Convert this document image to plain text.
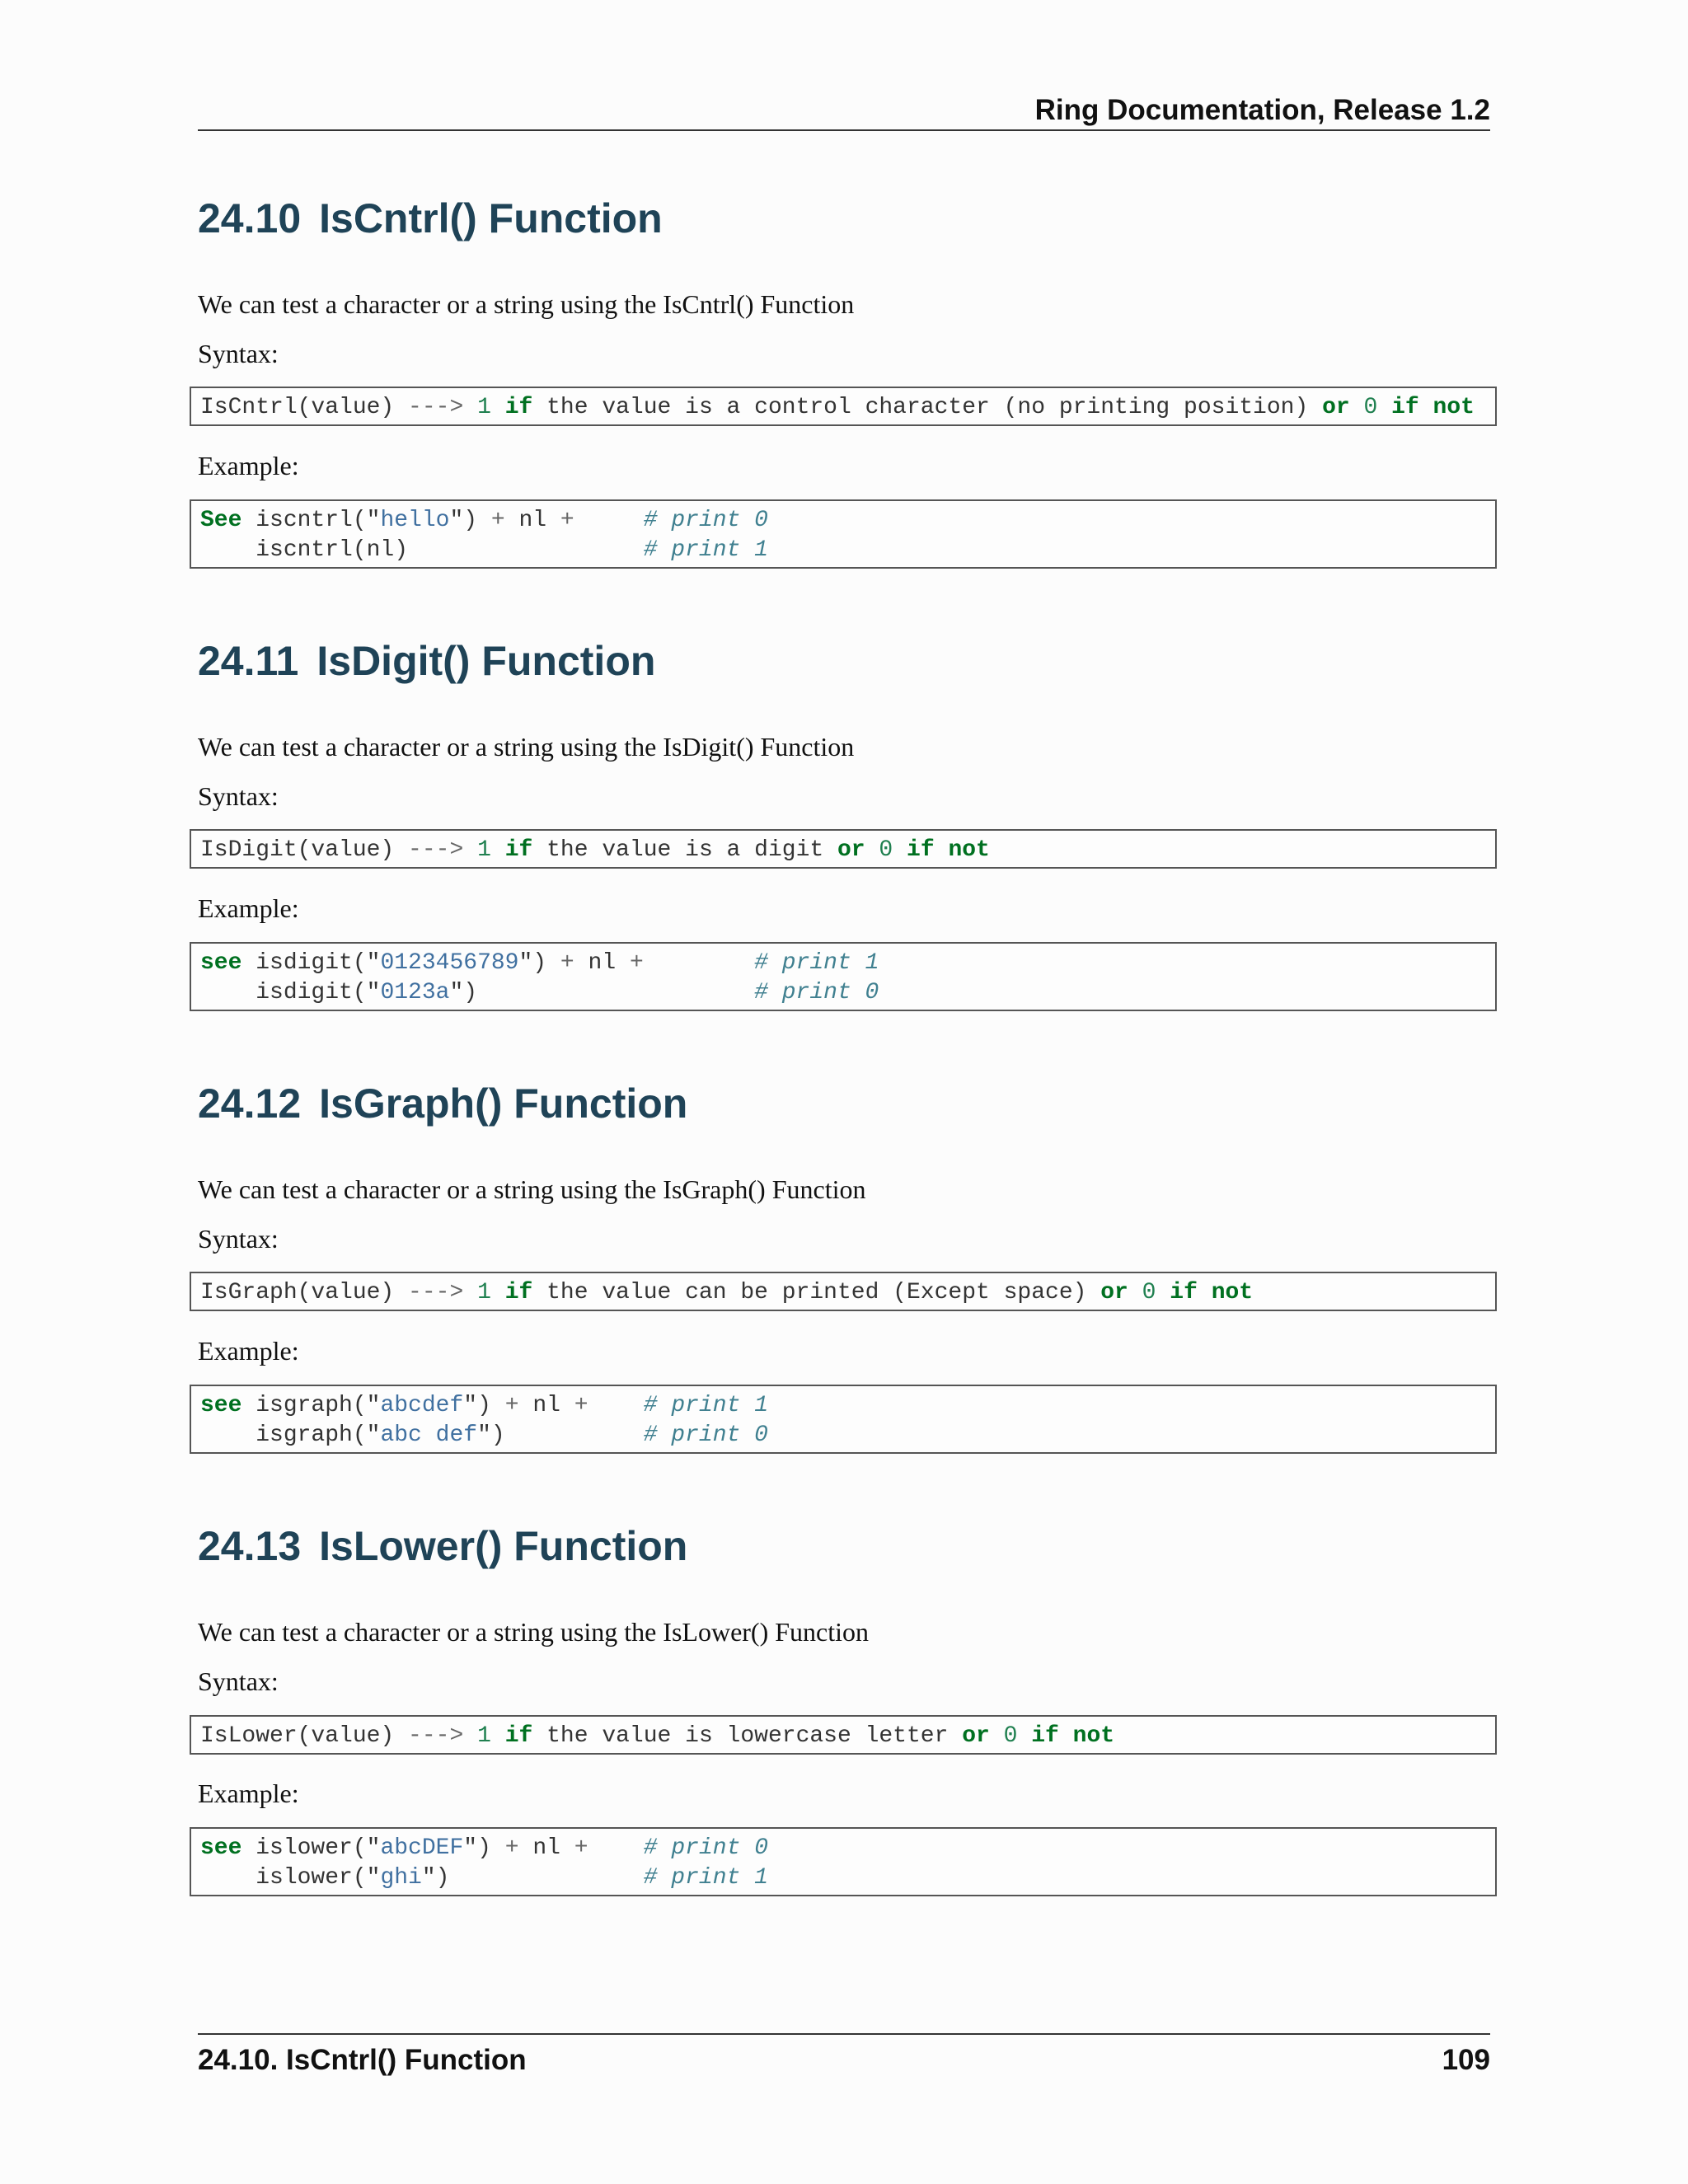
Ring Documentation, Release 1.2
24.10 IsCntrl() Function

We can test a character or a string using the IsCntrl() Function

Syntax:

IsCntrl(value) ---> 1 if the value is a control character (no printing position) or 0 if not

Example:

See iscntrl("hello") + nl +	# print 0
iscntrl(nl)	# print 1
24.11 IsDigit() Function

We can test a character or a string using the IsDigit() Function

Syntax:

IsDigit(value) ---> 1 if the value is a digit or 0 if not

Example:

see isdigit("0123456789") + nl +	# print 1
isdigit("0123a")                    # print 0
24.12 IsGraph() Function

We can test a character or a string using the IsGraph() Function

Syntax:

IsGraph(value) ---> 1 if the value can be printed (Except space) or 0 if not

Example:

see isgraph("abcdef") + nl + # print 1
isgraph("abc def")          # print 0
24.13 IsLower() Function

We can test a character or a string using the IsLower() Function

Syntax:

IsLower(value) ---> 1 if the value is lowercase letter or 0 if not

Example:

see islower("abcDEF") + nl + # print 0
islower("ghi")              # print 1
24.10. IsCntrl() Function	109
